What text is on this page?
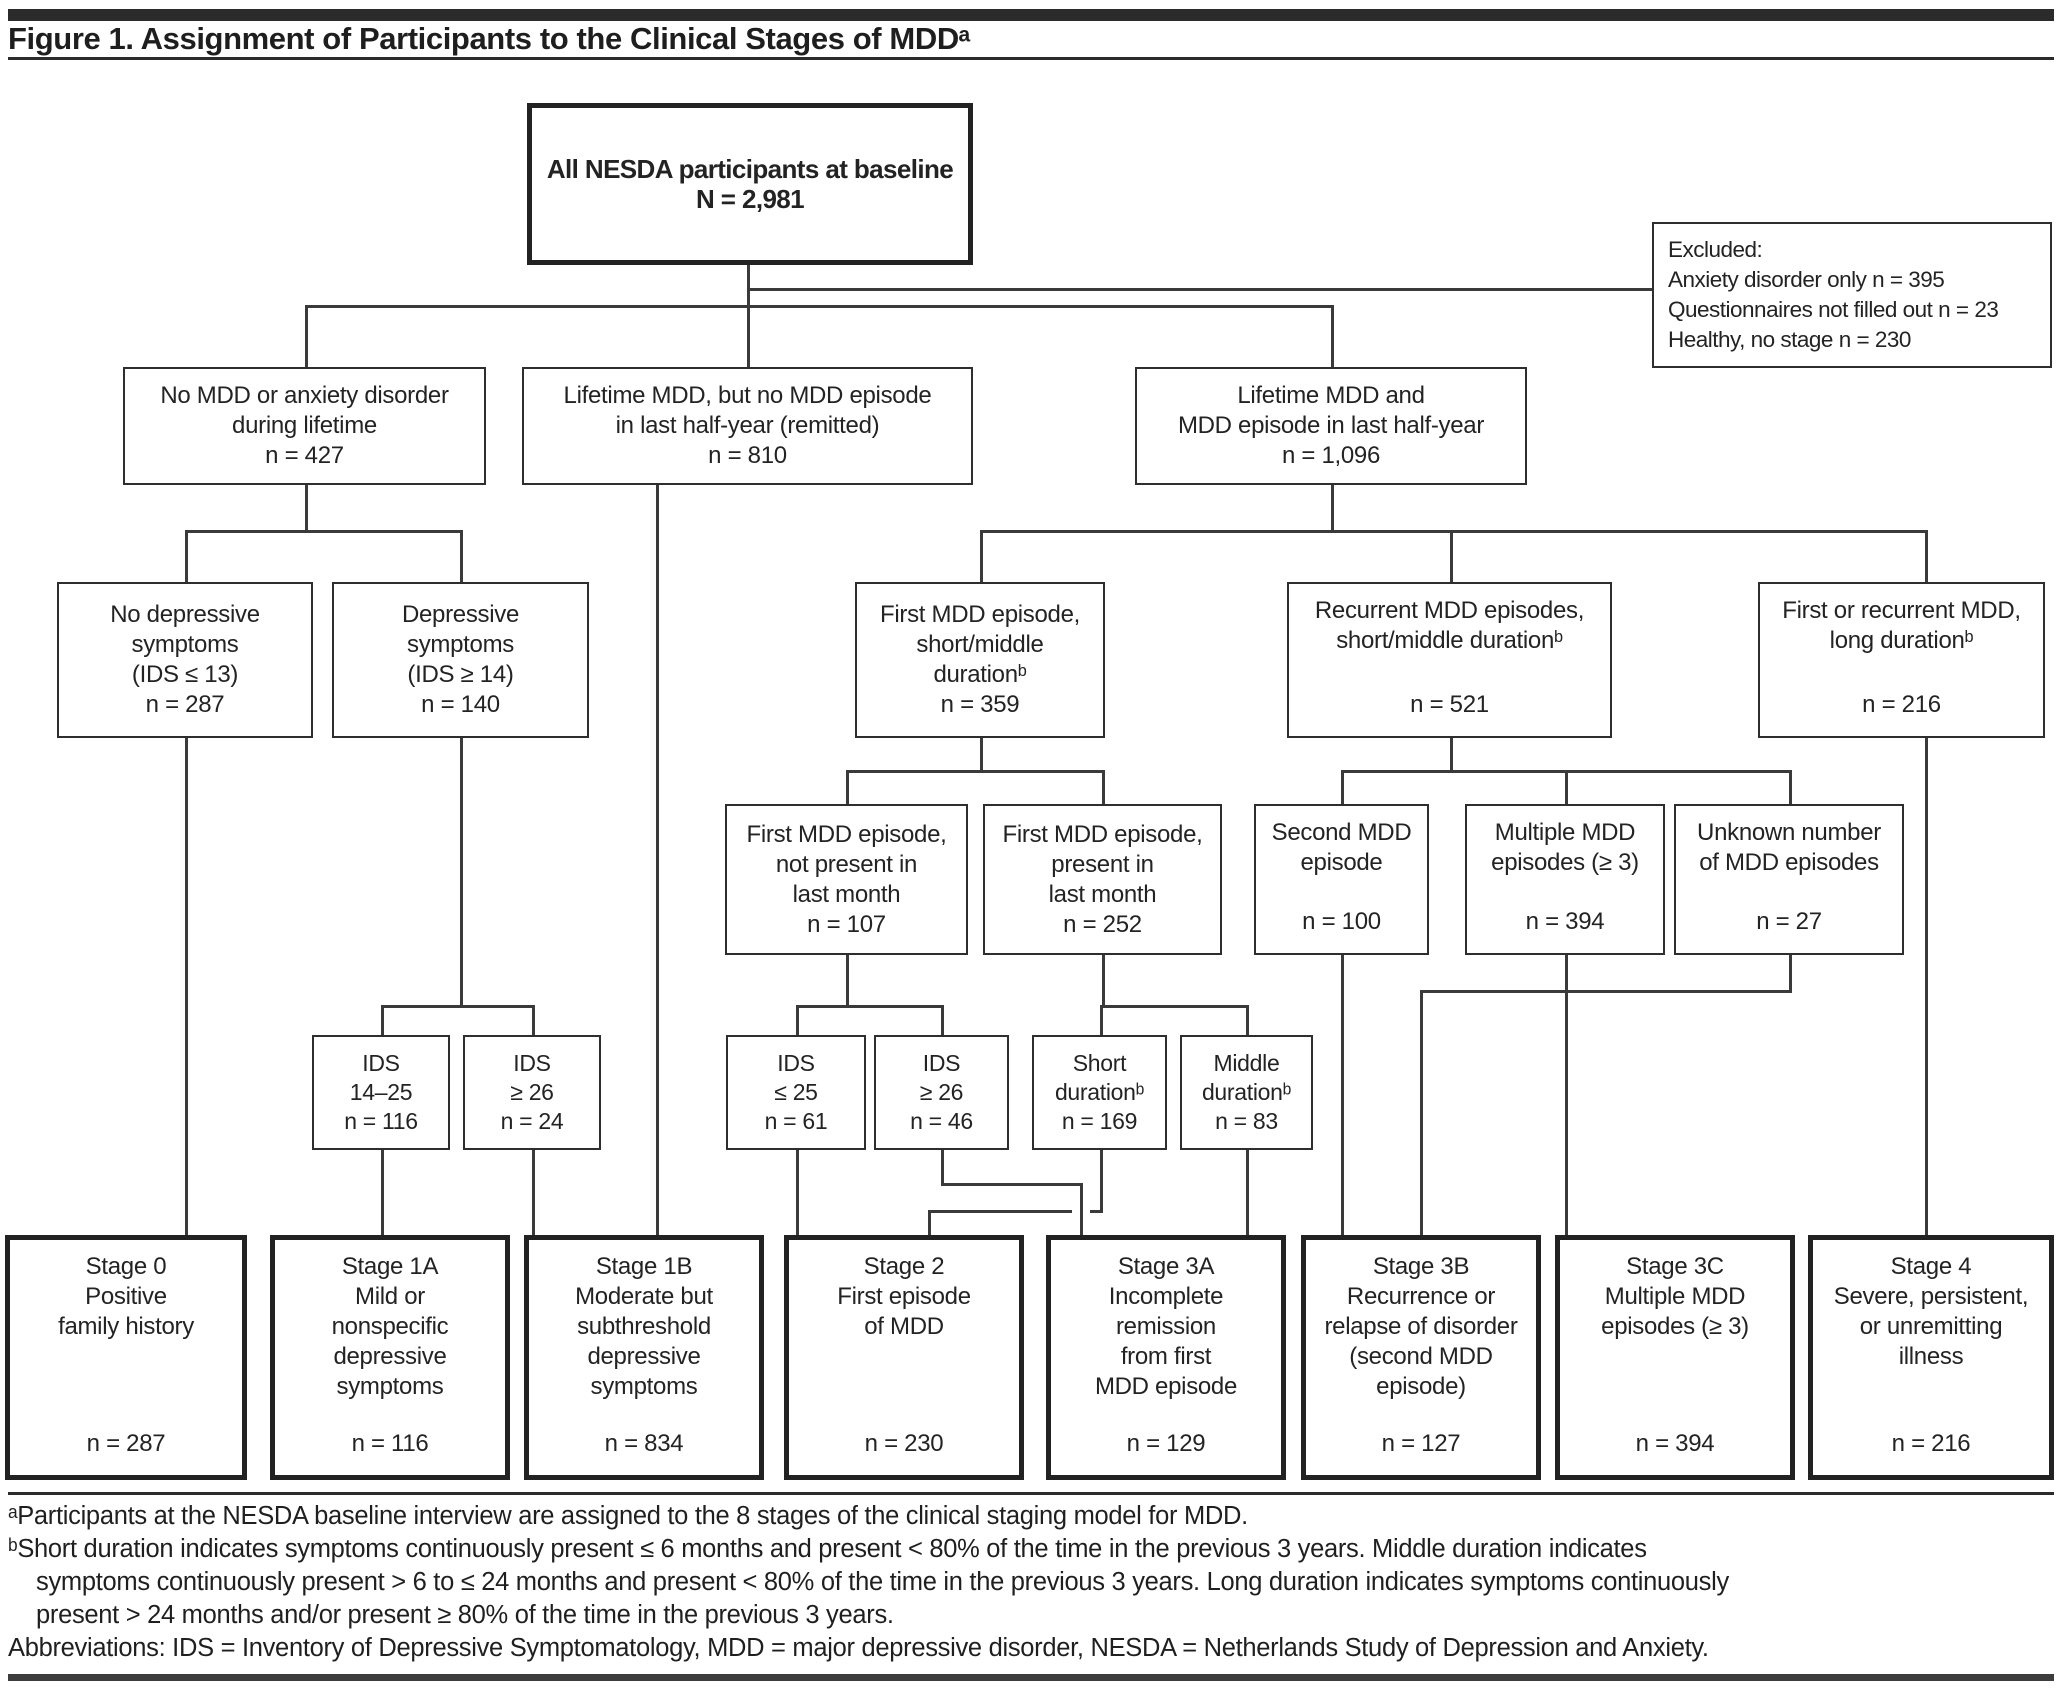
Figure 1. Assignment of Participants to the Clinical Stages of MDDᵃ
All NESDA participants at baseline
N = 2,981
Excluded:
Anxiety disorder only n = 395
Questionnaires not filled out n = 23
Healthy, no stage n = 230
No MDD or anxiety disorder
during lifetime
n = 427
Lifetime MDD, but no MDD episode
in last half-year (remitted)
n = 810
Lifetime MDD and
MDD episode in last half-year
n = 1,096
No depressive
symptoms
(IDS ≤ 13)
n = 287
Depressive
symptoms
(IDS ≥ 14)
n = 140
First MDD episode,
short/middle
durationᵇ
n = 359
Recurrent MDD episodes,
short/middle durationᵇ
n = 521
First or recurrent MDD,
long durationᵇ
n = 216
First MDD episode,
not present in
last month
n = 107
First MDD episode,
present in
last month
n = 252
Second MDD
episode
n = 100
Multiple MDD
episodes (≥ 3)
n = 394
Unknown number
of MDD episodes
n = 27
IDS
14–25
n = 116
IDS
≥ 26
n = 24
IDS
≤ 25
n = 61
IDS
≥ 26
n = 46
Short
durationᵇ
n = 169
Middle
durationᵇ
n = 83
Stage 0
Positive
family history
n = 287
Stage 1A
Mild or
nonspecific
depressive
symptoms
n = 116
Stage 1B
Moderate but
subthreshold
depressive
symptoms
n = 834
Stage 2
First episode
of MDD
n = 230
Stage 3A
Incomplete
remission
from first
MDD episode
n = 129
Stage 3B
Recurrence or
relapse of disorder
(second MDD
episode)
n = 127
Stage 3C
Multiple MDD
episodes (≥ 3)
n = 394
Stage 4
Severe, persistent,
or unremitting
illness
n = 216
ᵃParticipants at the NESDA baseline interview are assigned to the 8 stages of the clinical staging model for MDD.
ᵇShort duration indicates symptoms continuously present ≤ 6 months and present < 80% of the time in the previous 3 years. Middle duration indicates
symptoms continuously present > 6 to ≤ 24 months and present < 80% of the time in the previous 3 years. Long duration indicates symptoms continuously
present > 24 months and/or present ≥ 80% of the time in the previous 3 years.
Abbreviations: IDS = Inventory of Depressive Symptomatology, MDD = major depressive disorder, NESDA = Netherlands Study of Depression and Anxiety.
